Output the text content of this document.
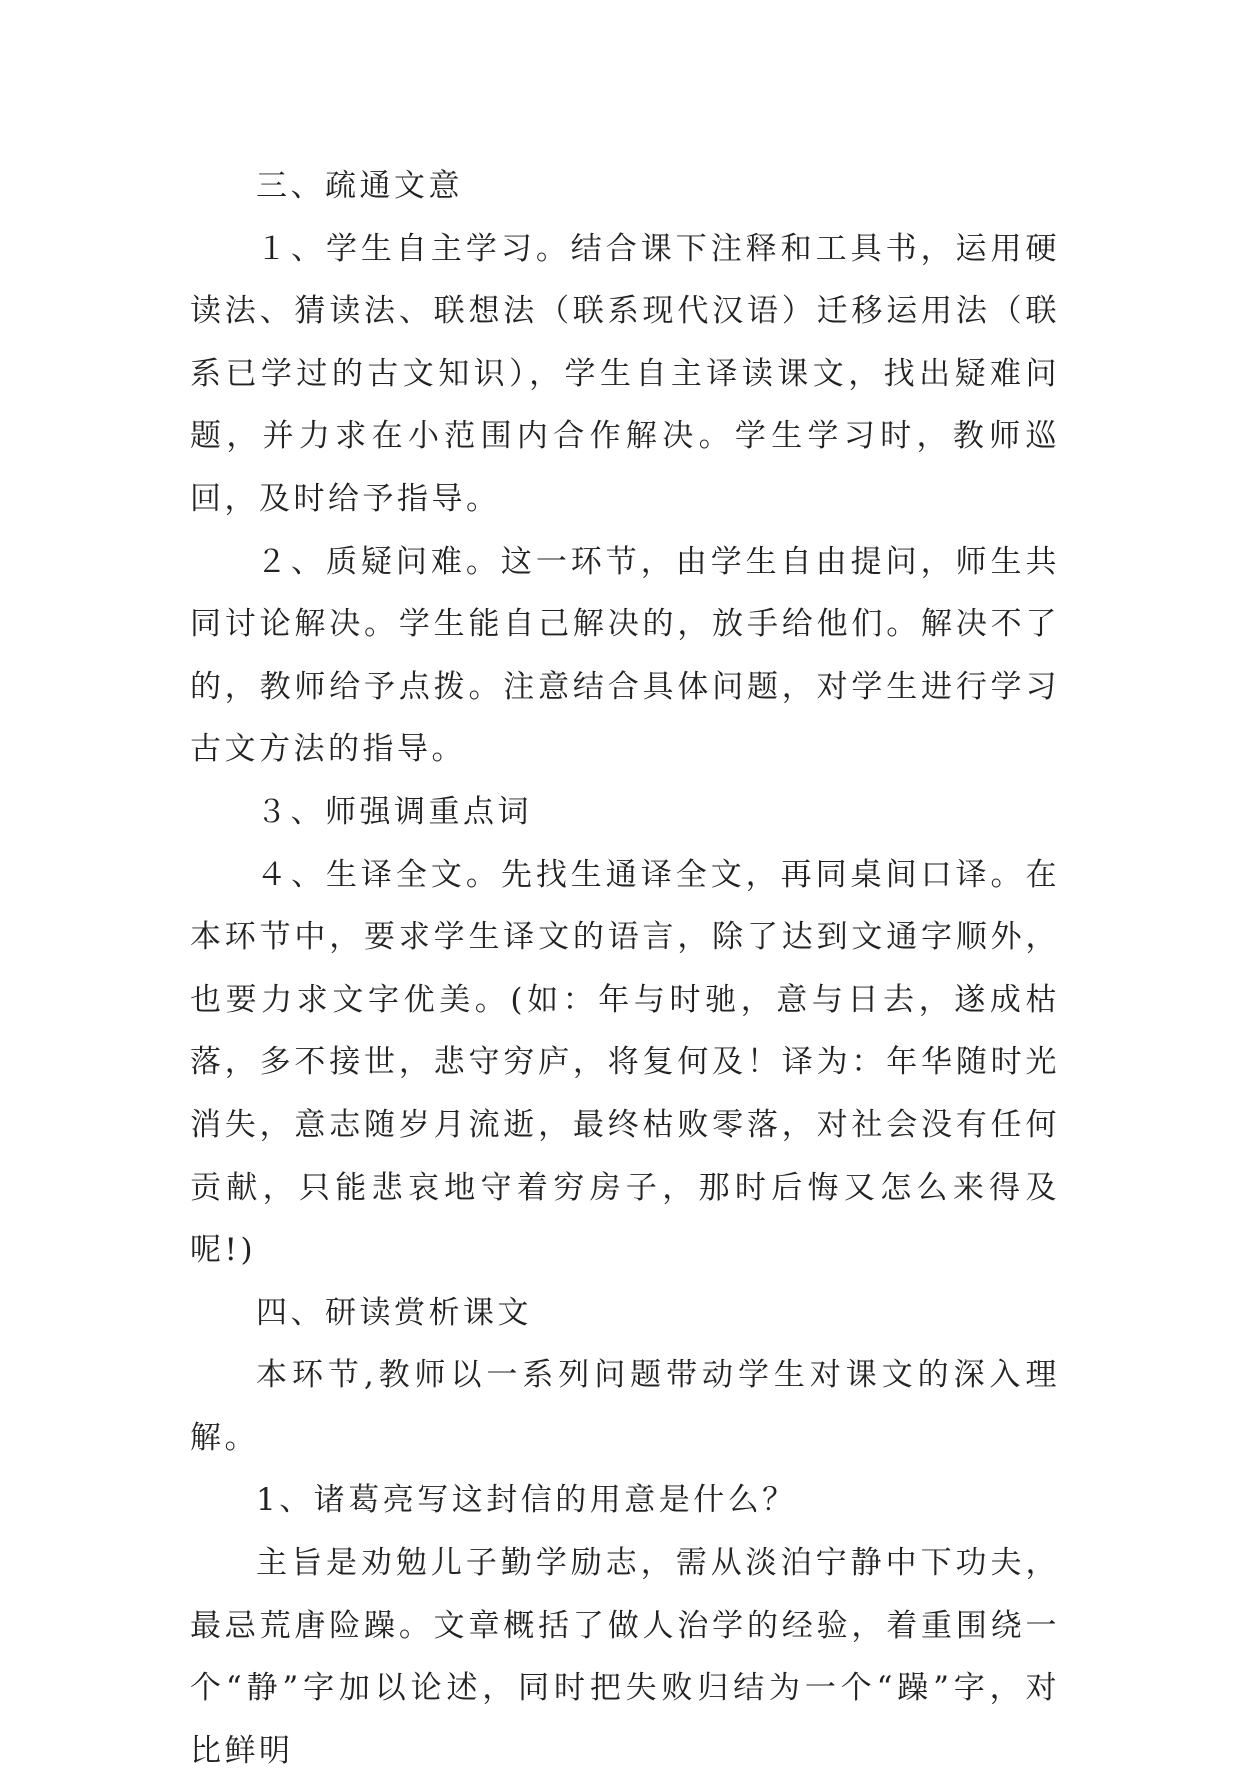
三、疏通文意

１、学生自主学习。结合课下注释和工具书，运用硬读法、猜读法、联想法（联系现代汉语）迁移运用法（联系已学过的古文知识），学生自主译读课文，找出疑难问题，并力求在小范围内合作解决。学生学习时，教师巡回，及时给予指导。

２、质疑问难。这一环节，由学生自由提问，师生共同讨论解决。学生能自己解决的，放手给他们。解决不了的，教师给予点拨。注意结合具体问题，对学生进行学习古文方法的指导。

３、师强调重点词

４、生译全文。先找生通译全文，再同桌间口译。在本环节中，要求学生译文的语言，除了达到文通字顺外，也要力求文字优美。(如：年与时驰，意与日去，遂成枯落，多不接世，悲守穷庐，将复何及！译为：年华随时光消失，意志随岁月流逝，最终枯败零落，对社会没有任何贡献，只能悲哀地守着穷房子，那时后悔又怎么来得及呢!)

四、研读赏析课文

本环节,教师以一系列问题带动学生对课文的深入理解。

1、诸葛亮写这封信的用意是什么？

主旨是劝勉儿子勤学励志，需从淡泊宁静中下功夫，最忌荒唐险躁。文章概括了做人治学的经验，着重围绕一个“静”字加以论述，同时把失败归结为一个“躁”字，对比鲜明
